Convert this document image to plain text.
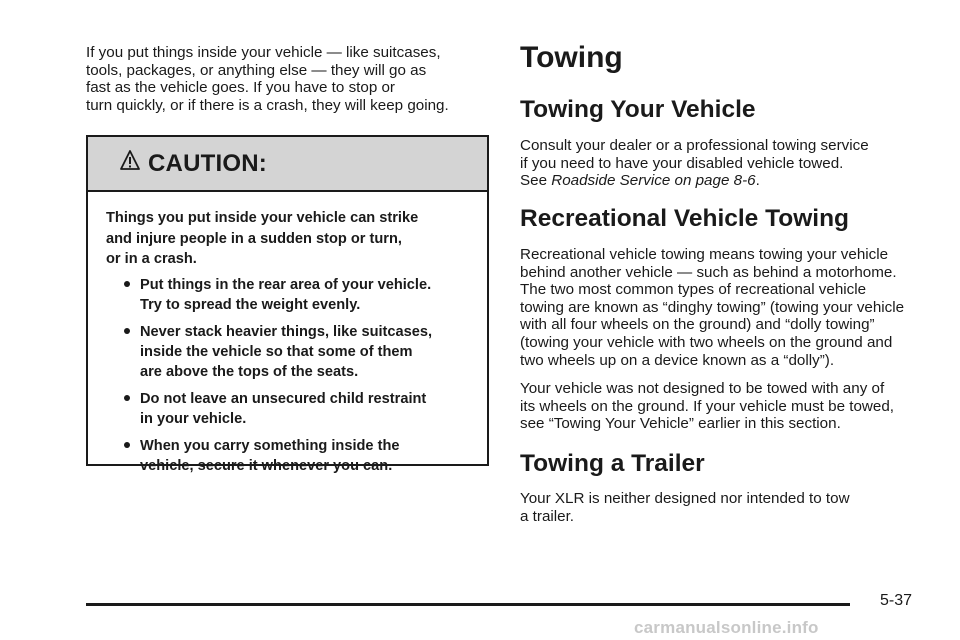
If you put things inside your vehicle — like suitcases,
tools, packages, or anything else — they will go as
fast as the vehicle goes. If you have to stop or
turn quickly, or if there is a crash, they will keep going.

CAUTION:

Things you put inside your vehicle can strike
and injure people in a sudden stop or turn,
or in a crash.

Put things in the rear area of your vehicle.
Try to spread the weight evenly.
Never stack heavier things, like suitcases,
inside the vehicle so that some of them
are above the tops of the seats.
Do not leave an unsecured child restraint
in your vehicle.
When you carry something inside the
vehicle, secure it whenever you can.
Towing
Towing Your Vehicle

Consult your dealer or a professional towing service
if you need to have your disabled vehicle towed.
See Roadside Service on page 8-6.

Recreational Vehicle Towing

Recreational vehicle towing means towing your vehicle
behind another vehicle — such as behind a motorhome.
The two most common types of recreational vehicle
towing are known as “dinghy towing” (towing your vehicle
with all four wheels on the ground) and “dolly towing”
(towing your vehicle with two wheels on the ground and
two wheels up on a device known as a “dolly”).

Your vehicle was not designed to be towed with any of
its wheels on the ground. If your vehicle must be towed,
see “Towing Your Vehicle” earlier in this section.

Towing a Trailer

Your XLR is neither designed nor intended to tow
a trailer.

5-37
carmanualsonline.info
